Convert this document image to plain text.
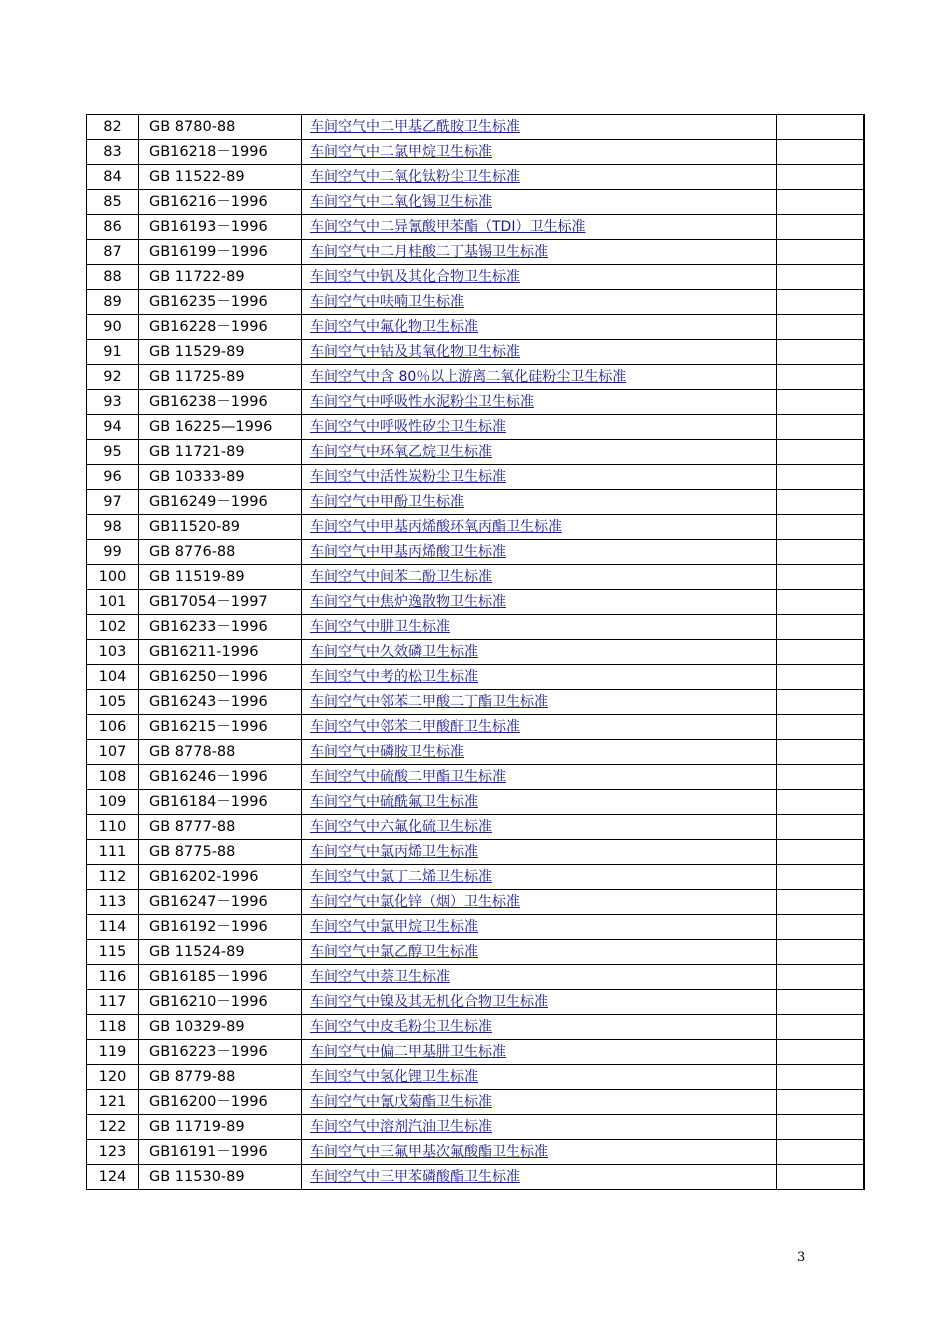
82	GB 8780-88	车间空气中二甲基乙酰胺卫生标准	
83	GB16218－1996	车间空气中二氯甲烷卫生标准	
84	GB 11522-89	车间空气中二氧化钛粉尘卫生标准	
85	GB16216－1996	车间空气中二氧化锡卫生标准	
86	GB16193－1996	车间空气中二异氰酸甲苯酯（TDI）卫生标准	
87	GB16199－1996	车间空气中二月桂酸二丁基锡卫生标准	
88	GB 11722-89	车间空气中钒及其化合物卫生标准	
89	GB16235－1996	车间空气中呋喃卫生标准	
90	GB16228－1996	车间空气中氟化物卫生标准	
91	GB 11529-89	车间空气中钴及其氧化物卫生标准	
92	GB 11725-89	车间空气中含 80％以上游离二氧化硅粉尘卫生标准	
93	GB16238－1996	车间空气中呼吸性水泥粉尘卫生标准	
94	GB 16225—1996	车间空气中呼吸性矽尘卫生标准	
95	GB 11721-89	车间空气中环氧乙烷卫生标准	
96	GB 10333-89	车间空气中活性炭粉尘卫生标准	
97	GB16249－1996	车间空气中甲酚卫生标准	
98	GB11520-89	车间空气中甲基丙烯酸环氧丙酯卫生标准	
99	GB 8776-88	车间空气中甲基丙烯酸卫生标准	
100	GB 11519-89	车间空气中间苯二酚卫生标准	
101	GB17054－1997	车间空气中焦炉逸散物卫生标准	
102	GB16233－1996	车间空气中肼卫生标准	
103	GB16211-1996	车间空气中久效磷卫生标准	
104	GB16250－1996	车间空气中考的松卫生标准	
105	GB16243－1996	车间空气中邻苯二甲酸二丁酯卫生标准	
106	GB16215－1996	车间空气中邻苯二甲酸酐卫生标准	
107	GB 8778-88	车间空气中磷胺卫生标准	
108	GB16246－1996	车间空气中硫酸二甲酯卫生标准	
109	GB16184－1996	车间空气中硫酰氟卫生标准	
110	GB 8777-88	车间空气中六氟化硫卫生标准	
111	GB 8775-88	车间空气中氯丙烯卫生标准	
112	GB16202-1996	车间空气中氯丁二烯卫生标准	
113	GB16247－1996	车间空气中氯化锌（烟）卫生标准	
114	GB16192－1996	车间空气中氯甲烷卫生标准	
115	GB 11524-89	车间空气中氯乙醇卫生标准	
116	GB16185－1996	车间空气中萘卫生标准	
117	GB16210－1996	车间空气中镍及其无机化合物卫生标准	
118	GB 10329-89	车间空气中皮毛粉尘卫生标准	
119	GB16223－1996	车间空气中偏二甲基肼卫生标准	
120	GB 8779-88	车间空气中氢化锂卫生标准	
121	GB16200－1996	车间空气中氰戊菊酯卫生标准	
122	GB 11719-89	车间空气中溶剂汽油卫生标准	
123	GB16191－1996	车间空气中三氟甲基次氟酸酯卫生标准	
124	GB 11530-89	车间空气中三甲苯磷酸酯卫生标准	
3
